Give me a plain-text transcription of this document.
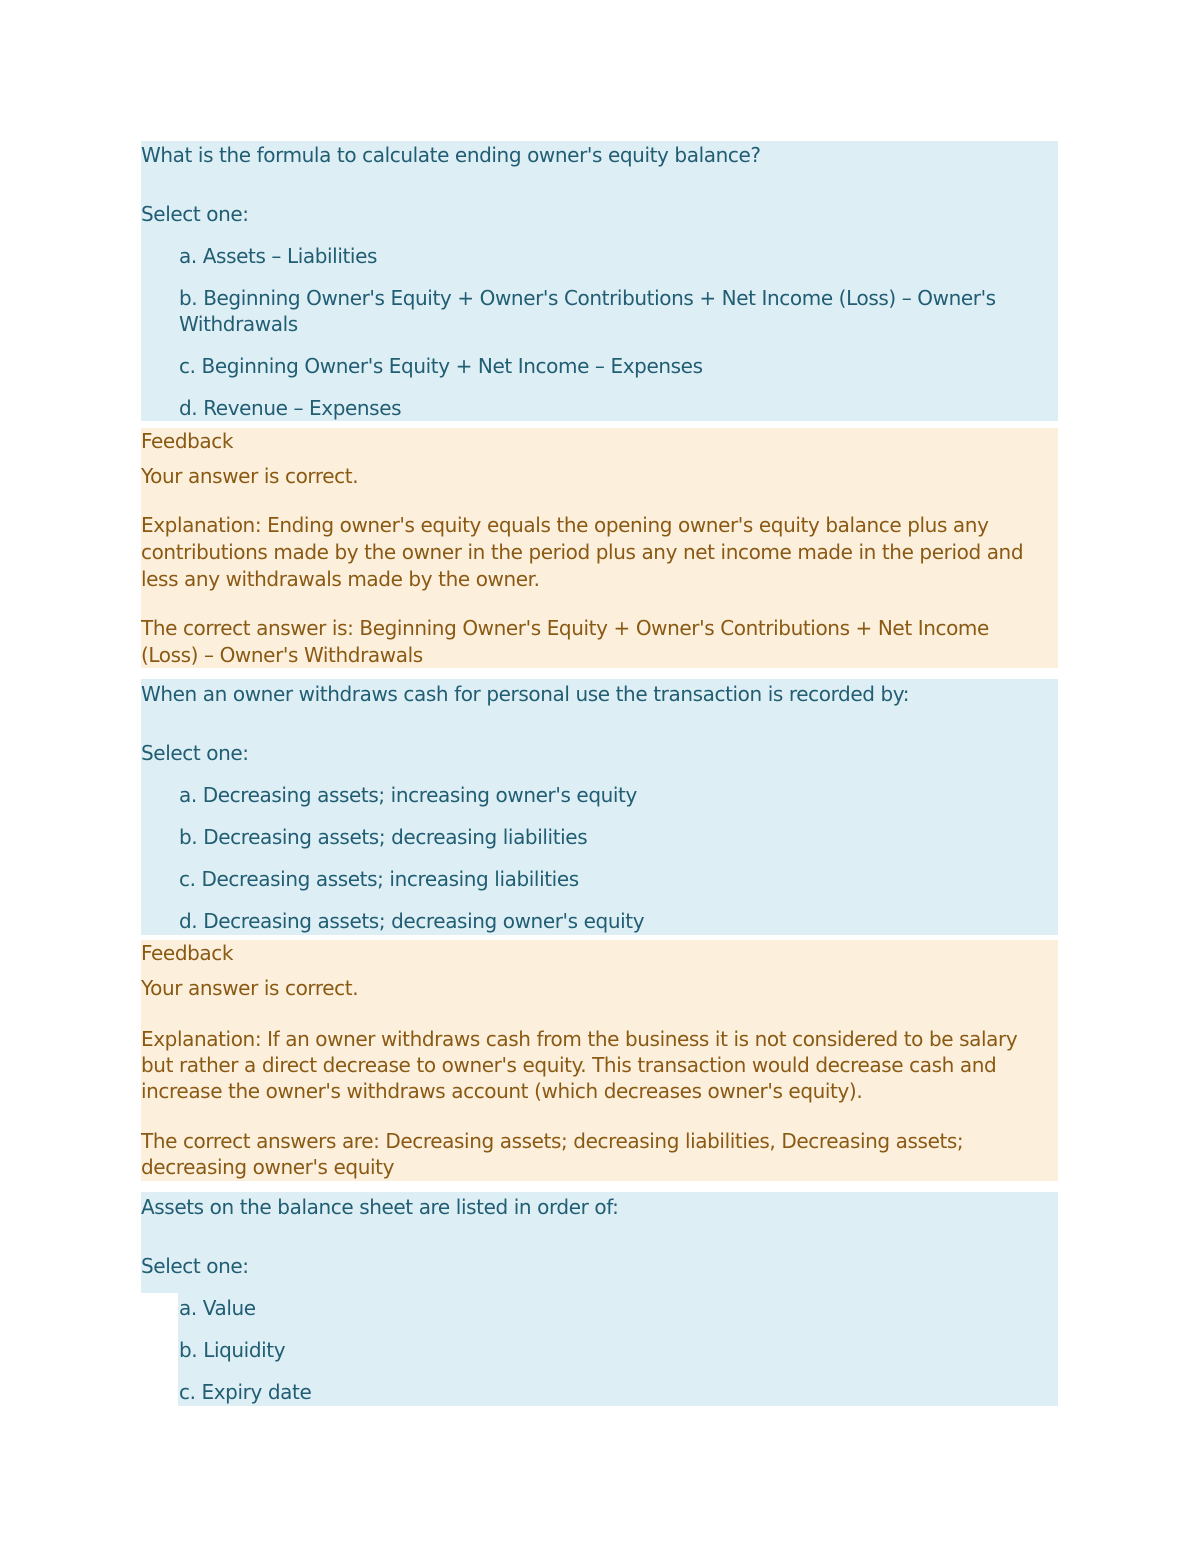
What is the formula to calculate ending owner's equity balance?
Select one:
a. Assets – Liabilities
b. Beginning Owner's Equity + Owner's Contributions + Net Income (Loss) – Owner's
Withdrawals
c. Beginning Owner's Equity + Net Income – Expenses
d. Revenue – Expenses
Feedback
Your answer is correct.
Explanation: Ending owner's equity equals the opening owner's equity balance plus any
contributions made by the owner in the period plus any net income made in the period and
less any withdrawals made by the owner.
The correct answer is: Beginning Owner's Equity + Owner's Contributions + Net Income
(Loss) – Owner's Withdrawals
When an owner withdraws cash for personal use the transaction is recorded by:
Select one:
a. Decreasing assets; increasing owner's equity
b. Decreasing assets; decreasing liabilities
c. Decreasing assets; increasing liabilities
d. Decreasing assets; decreasing owner's equity
Feedback
Your answer is correct.
Explanation: If an owner withdraws cash from the business it is not considered to be salary
but rather a direct decrease to owner's equity. This transaction would decrease cash and
increase the owner's withdraws account (which decreases owner's equity).
The correct answers are: Decreasing assets; decreasing liabilities, Decreasing assets;
decreasing owner's equity
Assets on the balance sheet are listed in order of:
Select one:
a. Value
b. Liquidity
c. Expiry date
